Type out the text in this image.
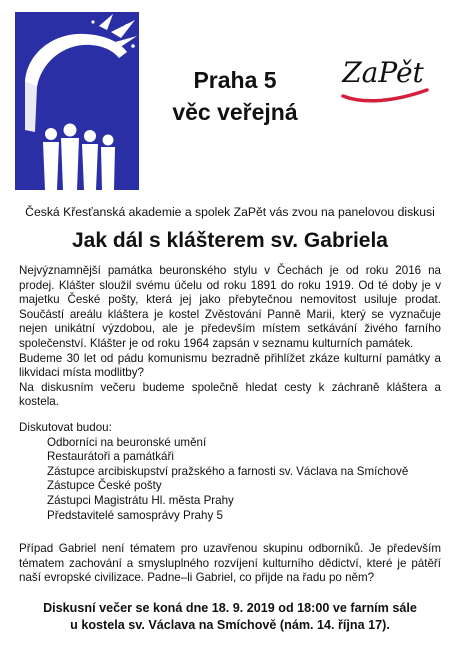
Praha 5
věc veřejná
ZaPět
Česká Křesťanská akademie a spolek ZaPět vás zvou na panelovou diskusi
Jak dál s klášterem sv. Gabriela

Nejvýznamnější památka beuronského stylu v Čechách je od roku 2016 na prodej. Klášter sloužil svému účelu od roku 1891 do roku 1919. Od té doby je v majetku České pošty, která jej jako přebytečnou nemovitost usiluje prodat. Součástí areálu kláštera je kostel Zvěstování Panně Marii, který se vyznačuje nejen unikátní výzdobou, ale je především místem setkávání živého farního společenství. Klášter je od roku 1964 zapsán v seznamu kulturních památek.

Budeme 30 let od pádu komunismu bezradně přihlížet zkáze kulturní památky a likvidaci místa modlitby?

Na diskusním večeru budeme společně hledat cesty k záchraně kláštera a kostela.

Diskutovat budou:
Odborníci na beuronské umění
Restaurátoři a památkáři
Zástupce arcibiskupství pražského a farnosti sv. Václava na Smíchově
Zástupce České pošty
Zástupci Magistrátu Hl. města Prahy
Představitelé samosprávy Prahy 5
Případ Gabriel není tématem pro uzavřenou skupinu odborníků. Je především tématem zachování a smysluplného rozvíjení kulturního dědictví, které je pátěří naší evropské civilizace. Padne–li Gabriel, co přijde na řadu po něm?
Diskusní večer se koná dne 18. 9. 2019 od 18:00 ve farním sále
u kostela sv. Václava na Smíchově (nám. 14. října 17).
